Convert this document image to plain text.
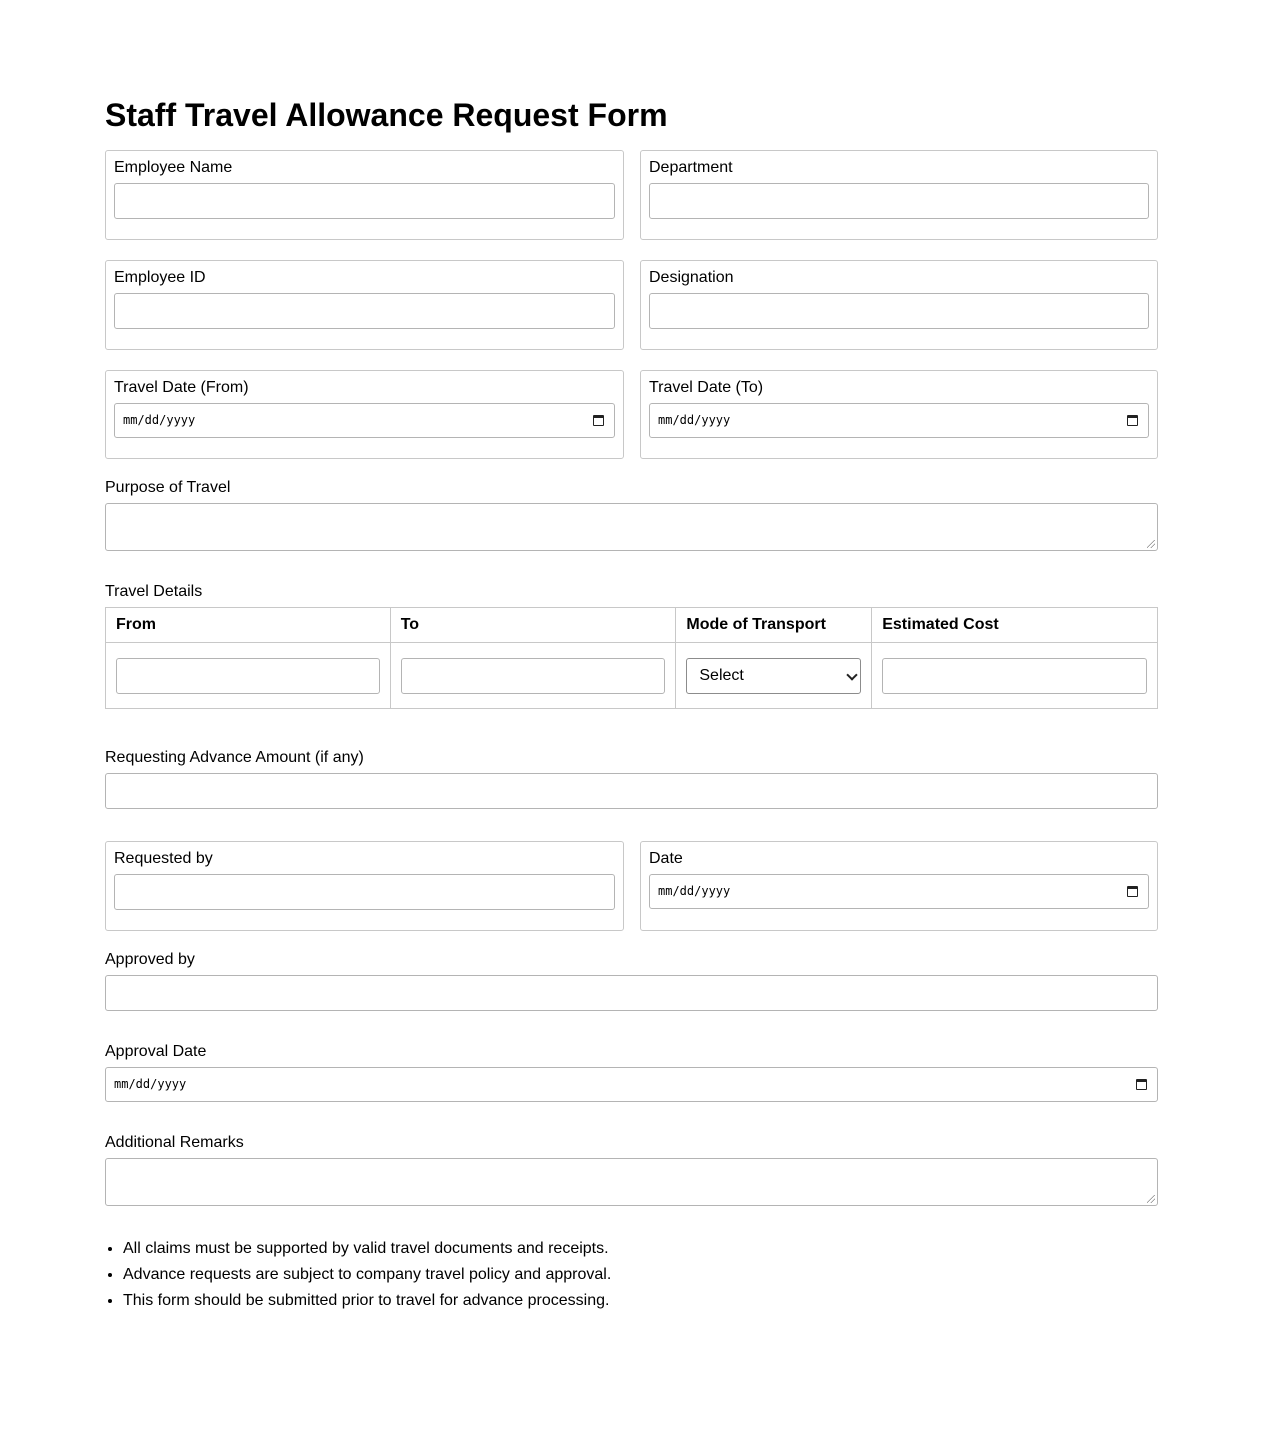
Staff Travel Allowance Request Form
Employee Name	Department
Employee ID	Designation
Travel Date (From)
mm/dd/yyyy
Travel Date (To)
mm/dd/yyyy
Purpose of Travel
Travel Details
From	To	Mode of Transport	Estimated Cost

		Select	

Requesting Advance Amount (if any)
Requested by	Date
mm/dd/yyyy
Approved by
Approval Date
mm/dd/yyyy
Additional Remarks
• All claims must be supported by valid travel documents and receipts.
• Advance requests are subject to company travel policy and approval.
• This form should be submitted prior to travel for advance processing.
